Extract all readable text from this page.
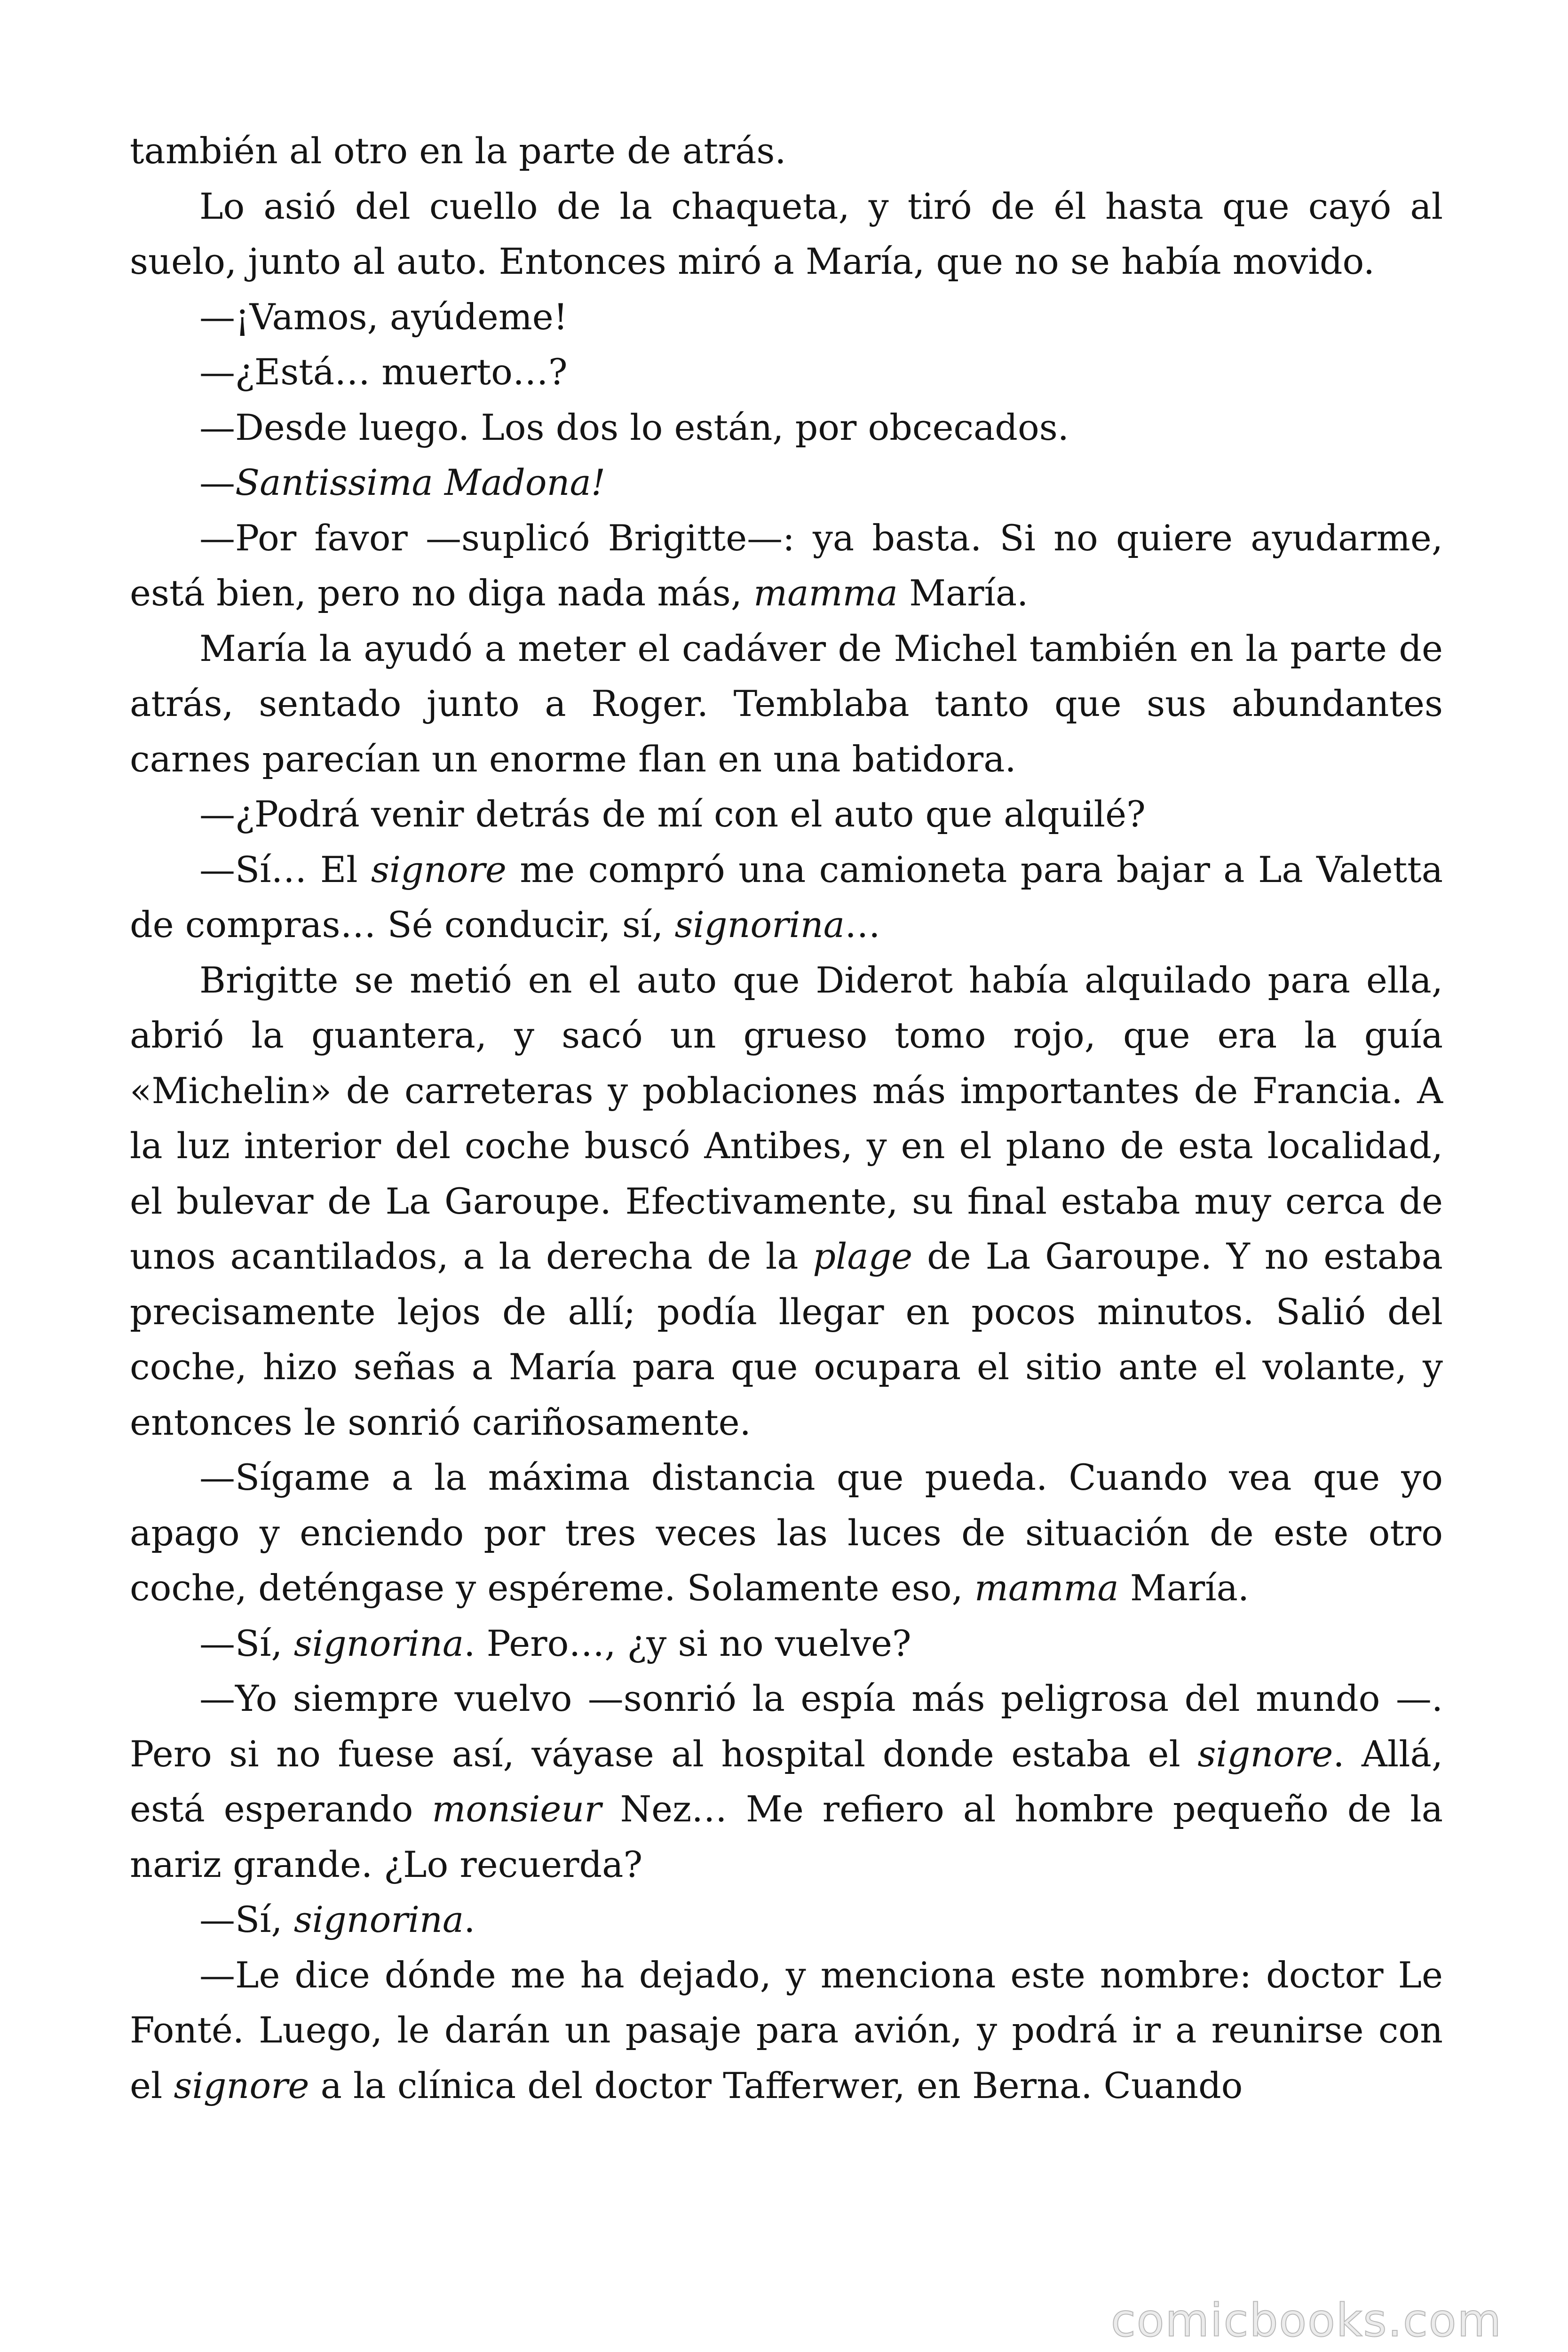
también al otro en la parte de atrás.

Lo asió del cuello de la chaqueta, y tiró de él hasta que cayó al suelo, junto al auto. Entonces miró a María, que no se había movido.

—¡Vamos, ayúdeme!

—¿Está… muerto…?

—Desde luego. Los dos lo están, por obcecados.

—Santissima Madona!

—Por favor —suplicó Brigitte—: ya basta. Si no quiere ayudarme, está bien, pero no diga nada más, mamma María.

María la ayudó a meter el cadáver de Michel también en la parte de atrás, sentado junto a Roger. Temblaba tanto que sus abundantes carnes parecían un enorme flan en una batidora.

—¿Podrá venir detrás de mí con el auto que alquilé?

—Sí… El signore me compró una camioneta para bajar a La Valetta de compras… Sé conducir, sí, signorina…

Brigitte se metió en el auto que Diderot había alquilado para ella, abrió la guantera, y sacó un grueso tomo rojo, que era la guía «Michelin» de carreteras y poblaciones más importantes de Francia. A la luz interior del coche buscó Antibes, y en el plano de esta localidad, el bulevar de La Garoupe. Efectivamente, su final estaba muy cerca de unos acantilados, a la derecha de la plage de La Garoupe. Y no estaba precisamente lejos de allí; podía llegar en pocos minutos. Salió del coche, hizo señas a María para que ocupara el sitio ante el volante, y entonces le sonrió cariñosamente.

—Sígame a la máxima distancia que pueda. Cuando vea que yo apago y enciendo por tres veces las luces de situación de este otro coche, deténgase y espéreme. Solamente eso, mamma María.

—Sí, signorina. Pero…, ¿y si no vuelve?

—Yo siempre vuelvo —sonrió la espía más peligrosa del mundo —. Pero si no fuese así, váyase al hospital donde estaba el signore. Allá, está esperando monsieur Nez… Me refiero al hombre pequeño de la nariz grande. ¿Lo recuerda?

—Sí, signorina.

—Le dice dónde me ha dejado, y menciona este nombre: doctor Le Fonté. Luego, le darán un pasaje para avión, y podrá ir a reunirse con el signore a la clínica del doctor Tafferwer, en Berna. Cuando

comicbooks.com
